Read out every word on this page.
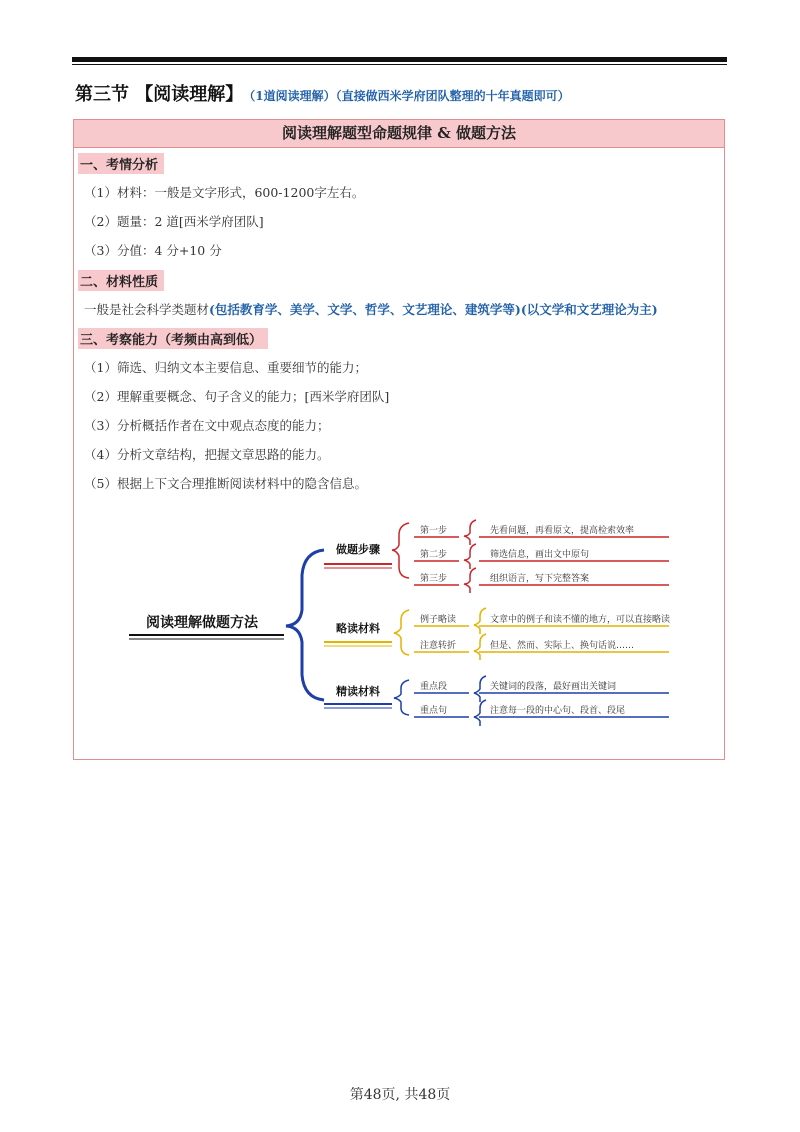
第三节 【阅读理解】 （1道阅读理解）（直接做西米学府团队整理的十年真题即可）
阅读理解题型命题规律 & 做题方法
一、考情分析
（1）材料：一般是文字形式，600-1200字左右。
（2）题量：2 道[西米学府团队]
（3）分值：4 分+10 分
二、材料性质
一般是社会科学类题材(包括教育学、美学、文学、哲学、文艺理论、建筑学等)(以文学和文艺理论为主)
三、考察能力（考频由高到低）
（1）筛选、归纳文本主要信息、重要细节的能力；
（2）理解重要概念、句子含义的能力；[西米学府团队]
（3）分析概括作者在文中观点态度的能力；
（4）分析文章结构，把握文章思路的能力。
（5）根据上下文合理推断阅读材料中的隐含信息。
阅读理解做题方法
做题步骤
第一步
第二步
第三步
先看问题，再看原文，提高检索效率
筛选信息，画出文中原句
组织语言，写下完整答案
略读材料
例子略读
注意转折
文章中的例子和读不懂的地方，可以直接略读
但是、然而、实际上、换句话说……
精读材料	重点段
重点句
关键词的段落，最好画出关键词
注意每一段的中心句、段首、段尾
第48页, 共48页
